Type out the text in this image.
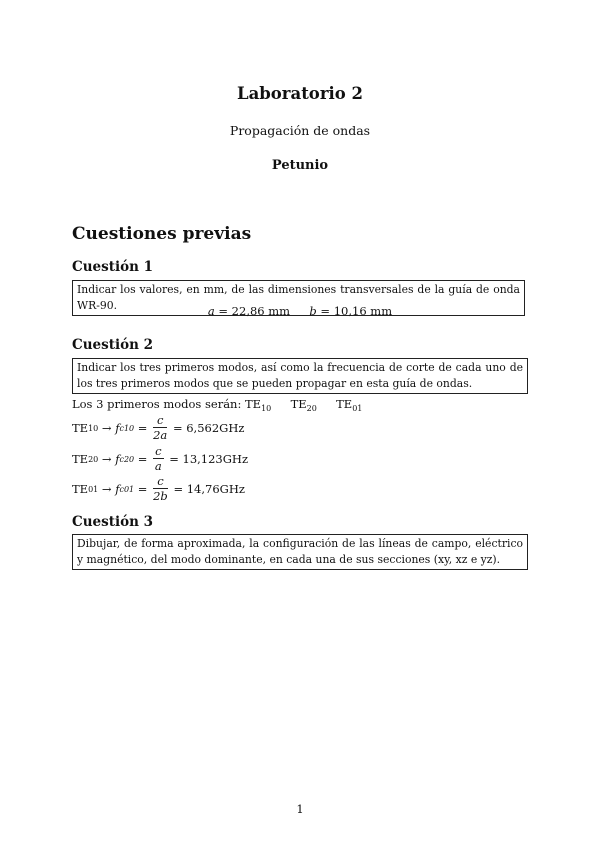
Laboratorio 2
Propagación de ondas
Petunio
Cuestiones previas
Cuestión 1
Indicar los valores, en mm, de las dimensiones transversales de la guía de onda WR-90.	a = 22,86 mm b = 10,16 mm
Cuestión 2
Indicar los tres primeros modos, así como la frecuencia de corte de cada uno de los tres primeros modos que se pueden propagar en esta guía de ondas.
Los 3 primeros modos serán: $TE_{10}$ $TE_{20}$ $TE_{01}$
TE 10
→
f $c10 = \frac{c}{2a}$
= 6,562GHz
TE 20
→
f $c20 = \frac{c}{a}$
= 13,123GHz
TE 01
→
f $c01 = \frac{c}{2b}$
= 14,76GHz
Cuestión 3
Dibujar, de forma aproximada, la configuración de las líneas de campo, eléctrico y magnético, del modo dominante, en cada una de sus secciones (xy, xz e yz).
1
